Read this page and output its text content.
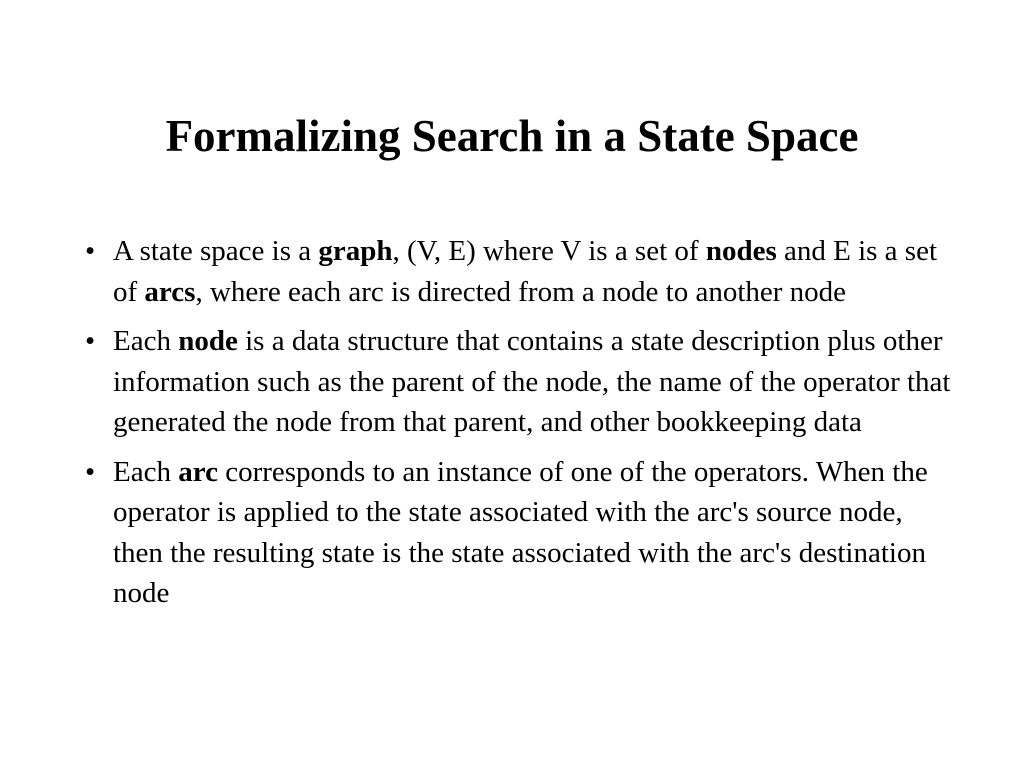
Formalizing Search in a State Space
• A state space is a graph, (V, E) where V is a set of nodes and E is a set of arcs, where each arc is directed from a node to another node
• Each node is a data structure that contains a state description plus other information such as the parent of the node, the name of the operator that generated the node from that parent, and other bookkeeping data
• Each arc corresponds to an instance of one of the operators. When the operator is applied to the state associated with the arc's source node, then the resulting state is the state associated with the arc's destination node
